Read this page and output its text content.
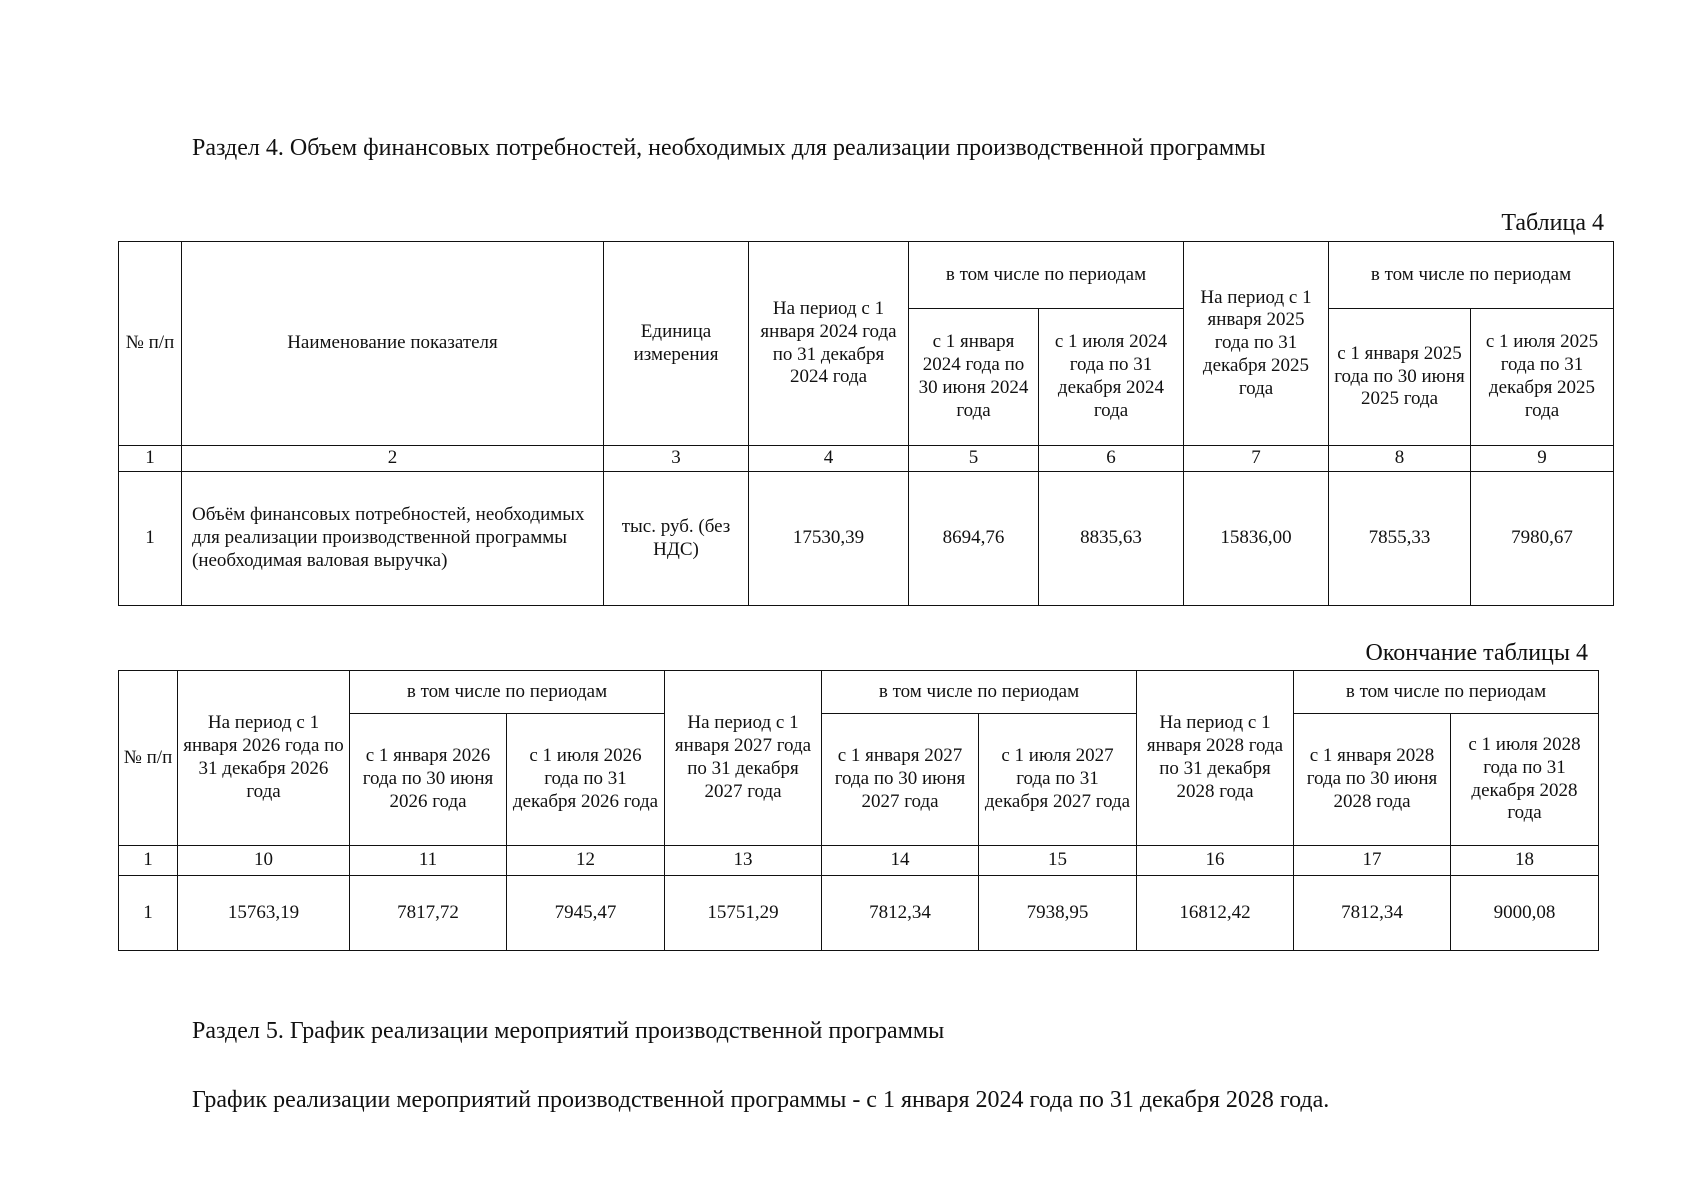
Раздел 4. Объем финансовых потребностей, необходимых для реализации производственной программы
Таблица 4
№ п/п	Наименование показателя	Единица измерения	На период с 1 января 2024 года по 31 декабря 2024 года	в том числе по периодам		На период с 1 января 2025 года по 31 декабря 2025 года	в том числе по периодам	
				с 1 января 2024 года по 30 июня 2024 года	с 1 июля 2024 года по 31 декабря 2024 года		с 1 января 2025 года по 30 июня 2025 года	с 1 июля 2025 года по 31 декабря 2025 года
1	2	3	4	5	6	7	8	9
1	Объём финансовых потребностей, необходимых для реализации производственной программы (необходимая валовая выручка)	тыс. руб. (без НДС)	17530,39	8694,76	8835,63	15836,00	7855,33	7980,67
Окончание таблицы 4
№ п/п	На период с 1 января 2026 года по 31 декабря 2026 года	в том числе по периодам		На период с 1 января 2027 года по 31 декабря 2027 года	в том числе по периодам		На период с 1 января 2028 года по 31 декабря 2028 года	в том числе по периодам	
		с 1 января 2026 года по 30 июня 2026 года	с 1 июля 2026 года по 31 декабря 2026 года		с 1 января 2027 года по 30 июня 2027 года	с 1 июля 2027 года по 31 декабря 2027 года		с 1 января 2028 года по 30 июня 2028 года	с 1 июля 2028 года по 31 декабря 2028 года
1	10	11	12	13	14	15	16	17	18
1	15763,19	7817,72	7945,47	15751,29	7812,34	7938,95	16812,42	7812,34	9000,08
Раздел 5. График реализации мероприятий производственной программы
График реализации мероприятий производственной программы - с 1 января 2024 года по 31 декабря 2028 года.
